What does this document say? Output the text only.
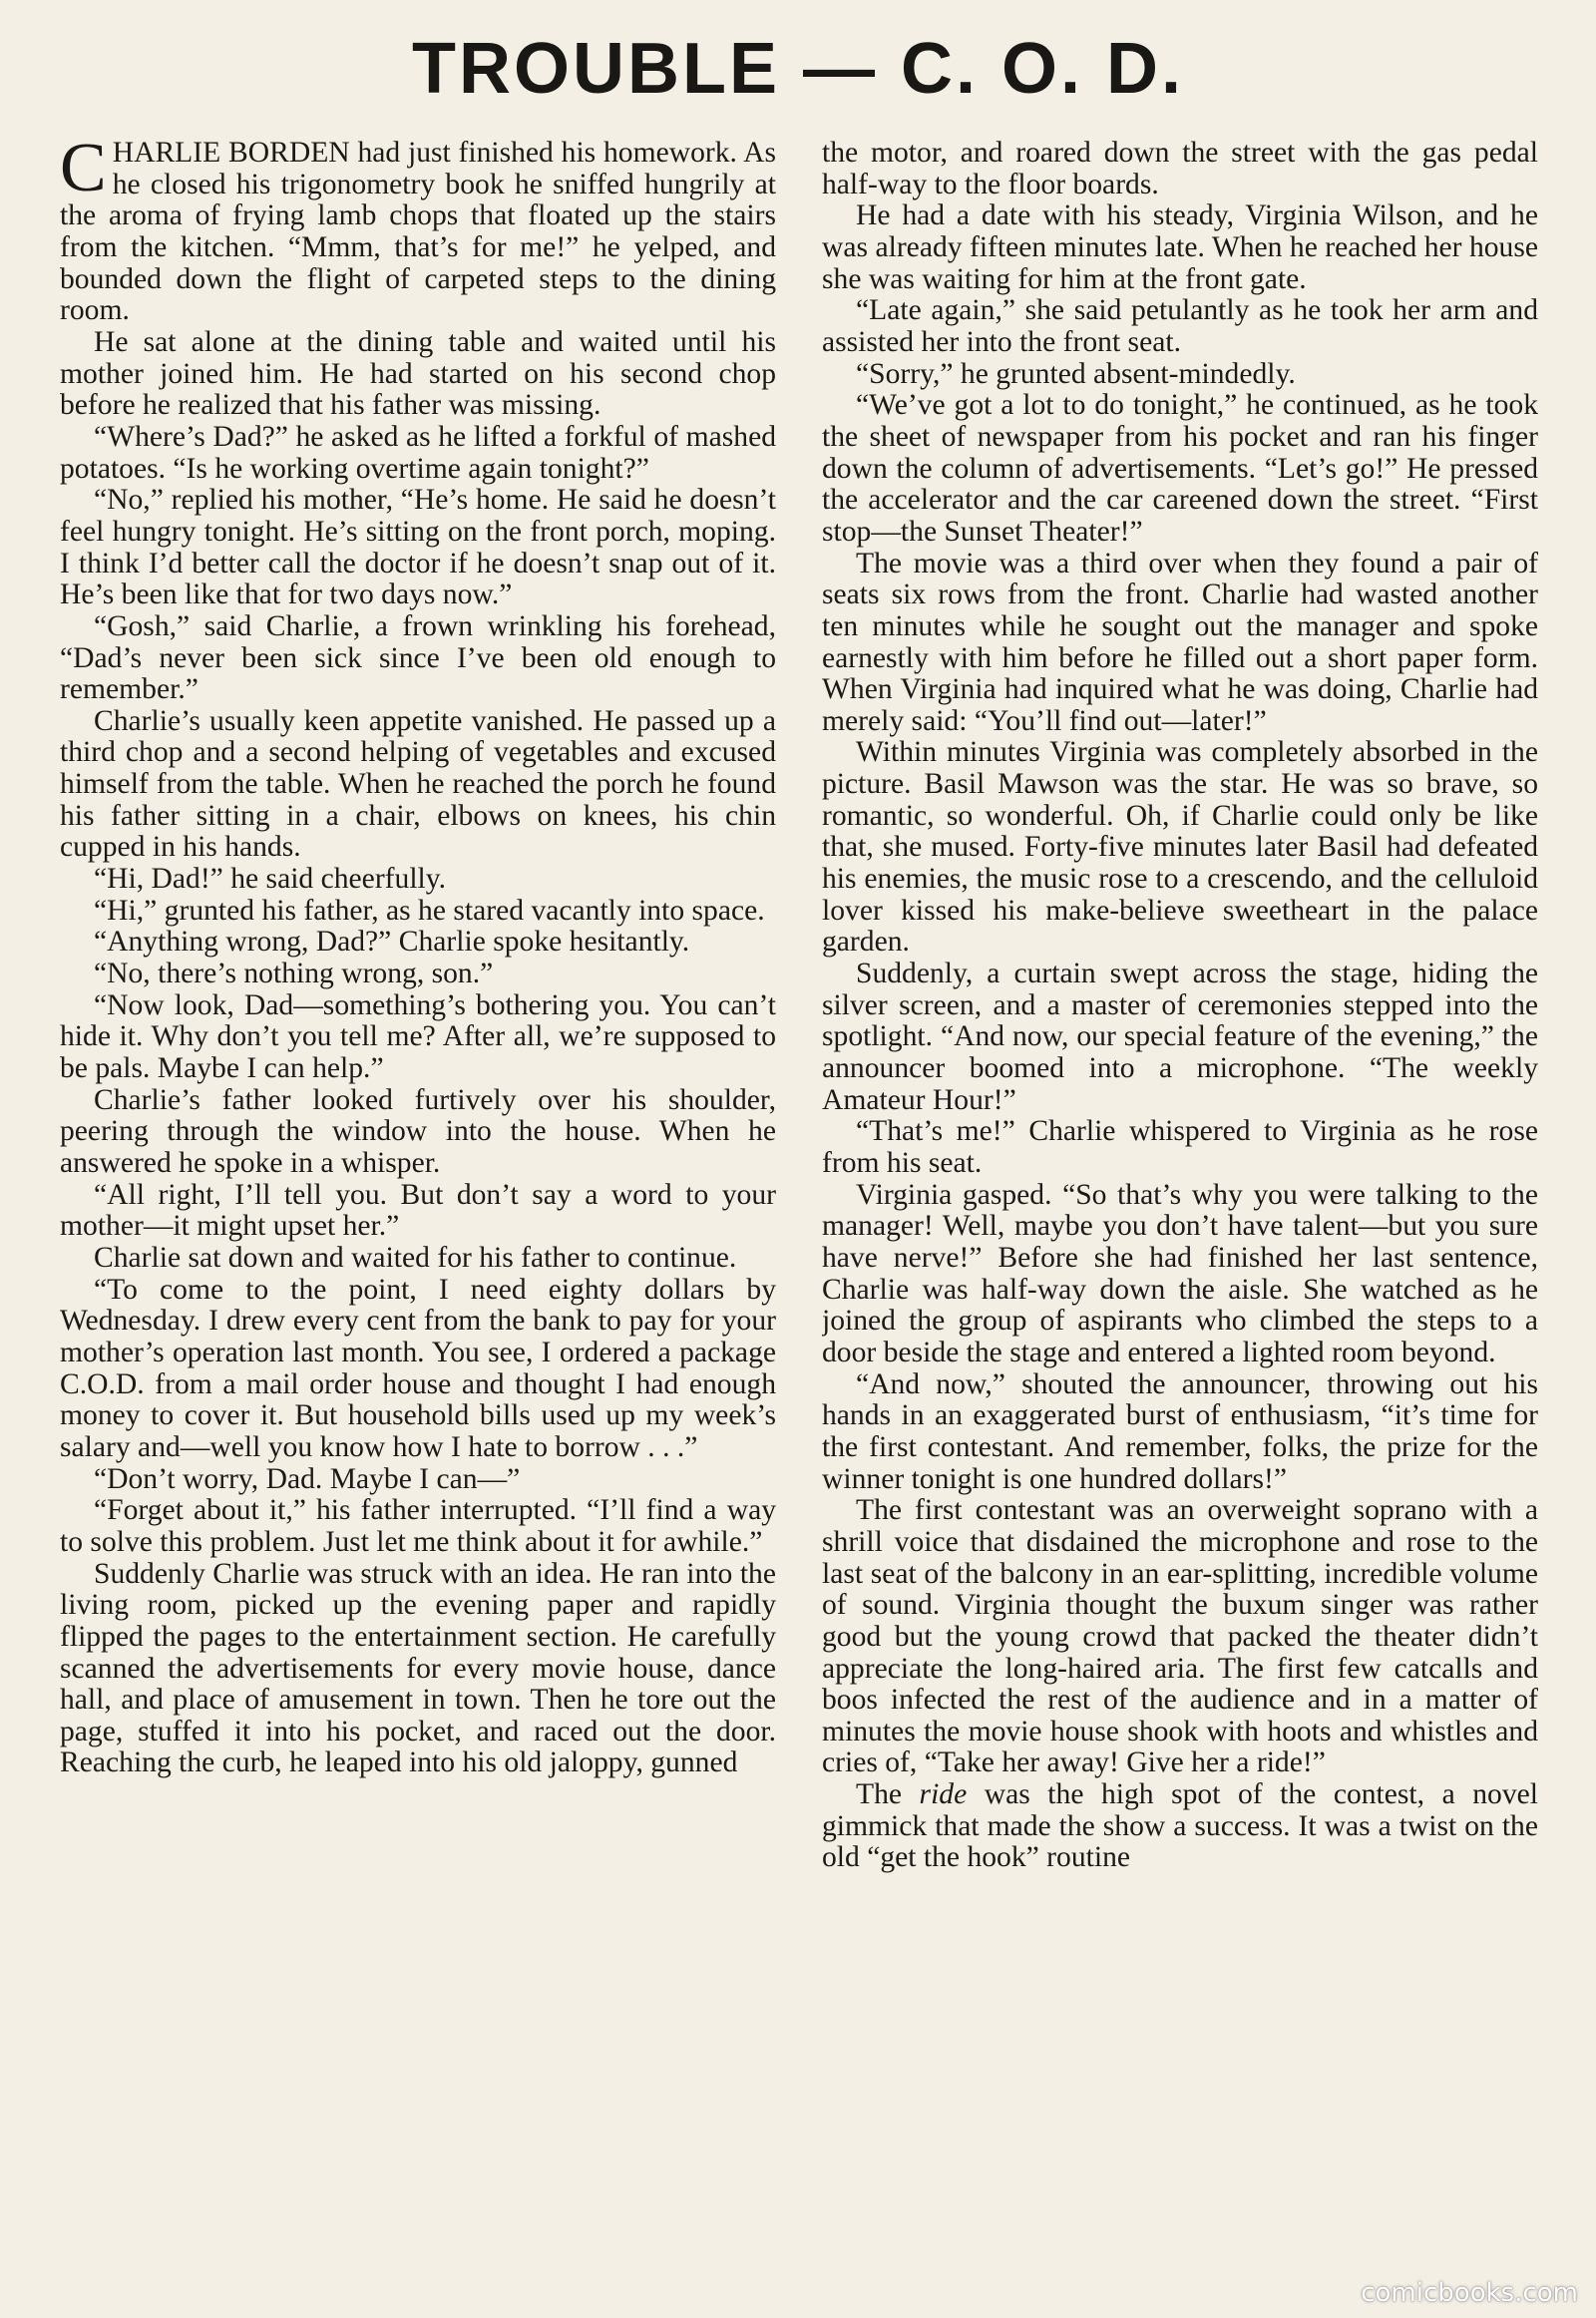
TROUBLE — C. O. D.

CHARLIE BORDEN had just finished his homework. As he closed his trigonometry book he sniffed hungrily at the aroma of frying lamb chops that floated up the stairs from the kitchen. “Mmm, that’s for me!” he yelped, and bounded down the flight of carpeted steps to the dining room.

He sat alone at the dining table and waited until his mother joined him. He had started on his second chop before he realized that his father was missing.

“Where’s Dad?” he asked as he lifted a forkful of mashed potatoes. “Is he working overtime again tonight?”

“No,” replied his mother, “He’s home. He said he doesn’t feel hungry tonight. He’s sitting on the front porch, moping. I think I’d better call the doctor if he doesn’t snap out of it. He’s been like that for two days now.”

“Gosh,” said Charlie, a frown wrinkling his forehead, “Dad’s never been sick since I’ve been old enough to remember.”

Charlie’s usually keen appetite vanished. He passed up a third chop and a second helping of vegetables and excused himself from the table. When he reached the porch he found his father sitting in a chair, elbows on knees, his chin cupped in his hands.

“Hi, Dad!” he said cheerfully.

“Hi,” grunted his father, as he stared vacantly into space.

“Anything wrong, Dad?” Charlie spoke hesitantly.

“No, there’s nothing wrong, son.”

“Now look, Dad—something’s bothering you. You can’t hide it. Why don’t you tell me? After all, we’re supposed to be pals. Maybe I can help.”

Charlie’s father looked furtively over his shoulder, peering through the window into the house. When he answered he spoke in a whisper.

“All right, I’ll tell you. But don’t say a word to your mother—it might upset her.”

Charlie sat down and waited for his father to continue.

“To come to the point, I need eighty dollars by Wednesday. I drew every cent from the bank to pay for your mother’s operation last month. You see, I ordered a package C.O.D. from a mail order house and thought I had enough money to cover it. But household bills used up my week’s salary and—well you know how I hate to borrow . . .”

“Don’t worry, Dad. Maybe I can—”

“Forget about it,” his father interrupted. “I’ll find a way to solve this problem. Just let me think about it for awhile.”

Suddenly Charlie was struck with an idea. He ran into the living room, picked up the evening paper and rapidly flipped the pages to the entertainment section. He carefully scanned the advertisements for every movie house, dance hall, and place of amusement in town. Then he tore out the page, stuffed it into his pocket, and raced out the door. Reaching the curb, he leaped into his old jaloppy, gunned

the motor, and roared down the street with the gas pedal half-way to the floor boards.

He had a date with his steady, Virginia Wilson, and he was already fifteen minutes late. When he reached her house she was waiting for him at the front gate.

“Late again,” she said petulantly as he took her arm and assisted her into the front seat.

“Sorry,” he grunted absent-mindedly.

“We’ve got a lot to do tonight,” he continued, as he took the sheet of newspaper from his pocket and ran his finger down the column of advertisements. “Let’s go!” He pressed the accelerator and the car careened down the street. “First stop—the Sunset Theater!”

The movie was a third over when they found a pair of seats six rows from the front. Charlie had wasted another ten minutes while he sought out the manager and spoke earnestly with him before he filled out a short paper form. When Virginia had inquired what he was doing, Charlie had merely said: “You’ll find out—later!”

Within minutes Virginia was completely absorbed in the picture. Basil Mawson was the star. He was so brave, so romantic, so wonderful. Oh, if Charlie could only be like that, she mused. Forty-five minutes later Basil had defeated his enemies, the music rose to a crescendo, and the celluloid lover kissed his make-believe sweetheart in the palace garden.

Suddenly, a curtain swept across the stage, hiding the silver screen, and a master of ceremonies stepped into the spotlight. “And now, our special feature of the evening,” the announcer boomed into a microphone. “The weekly Amateur Hour!”

“That’s me!” Charlie whispered to Virginia as he rose from his seat.

Virginia gasped. “So that’s why you were talking to the manager! Well, maybe you don’t have talent—but you sure have nerve!” Before she had finished her last sentence, Charlie was half-way down the aisle. She watched as he joined the group of aspirants who climbed the steps to a door beside the stage and entered a lighted room beyond.

“And now,” shouted the announcer, throwing out his hands in an exaggerated burst of enthusiasm, “it’s time for the first contestant. And remember, folks, the prize for the winner tonight is one hundred dollars!”

The first contestant was an overweight soprano with a shrill voice that disdained the microphone and rose to the last seat of the balcony in an ear-splitting, incredible volume of sound. Virginia thought the buxum singer was rather good but the young crowd that packed the theater didn’t appreciate the long-haired aria. The first few catcalls and boos infected the rest of the audience and in a matter of minutes the movie house shook with hoots and whistles and cries of, “Take her away! Give her a ride!”

The ride was the high spot of the contest, a novel gimmick that made the show a success. It was a twist on the old “get the hook” routine

comicbooks.com
